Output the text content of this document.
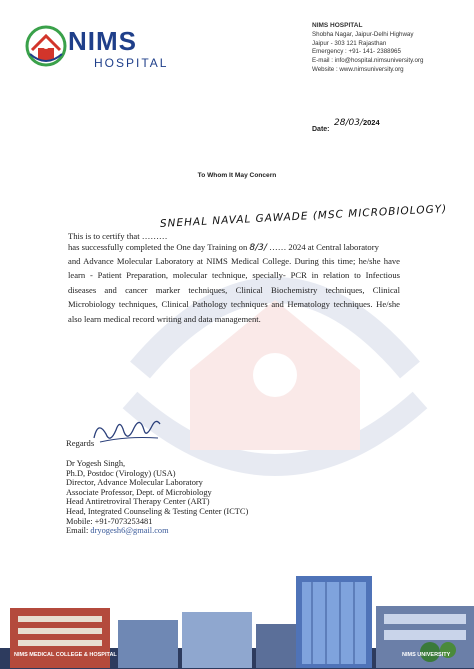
NIMS
HOSPITAL
NIMS HOSPITAL
Shobha Nagar, Jaipur-Delhi Highway
Jaipur - 303 121 Rajasthan
Emergency : +91- 141- 2388965
E-mail : info@hospital.nimsuniversity.org
Website : www.nimsuniversity.org
Date:
28/03/2024
To Whom It May Concern
This is to certify that ………
SNEHAL NAVAL GAWADE (MSC MICROBIOLOGY)
has successfully completed the One day Training on 8/3/ …… 2024 at Central laboratory
and Advance Molecular Laboratory at NIMS Medical College. During this time; he/she have learn - Patient Preparation, molecular technique, specially- PCR in relation to Infectious diseases and cancer marker techniques, Clinical Biochemistry techniques, Clinical Microbiology techniques, Clinical Pathology techniques and Hematology techniques. He/she also learn medical record writing and data management.
Regards
Dr Yogesh Singh,
Ph.D, Postdoc (Virology) (USA)
Director, Advance Molecular Laboratory
Associate Professor, Dept. of Microbiology
Head Antiretroviral Therapy Center (ART)
Head, Integrated Counseling & Testing Center (ICTC)
Mobile: +91-7073253481
Email: dryogesh6@gmail.com
NIMS MEDICAL COLLEGE & HOSPITAL	NIMS UNIVERSITY
